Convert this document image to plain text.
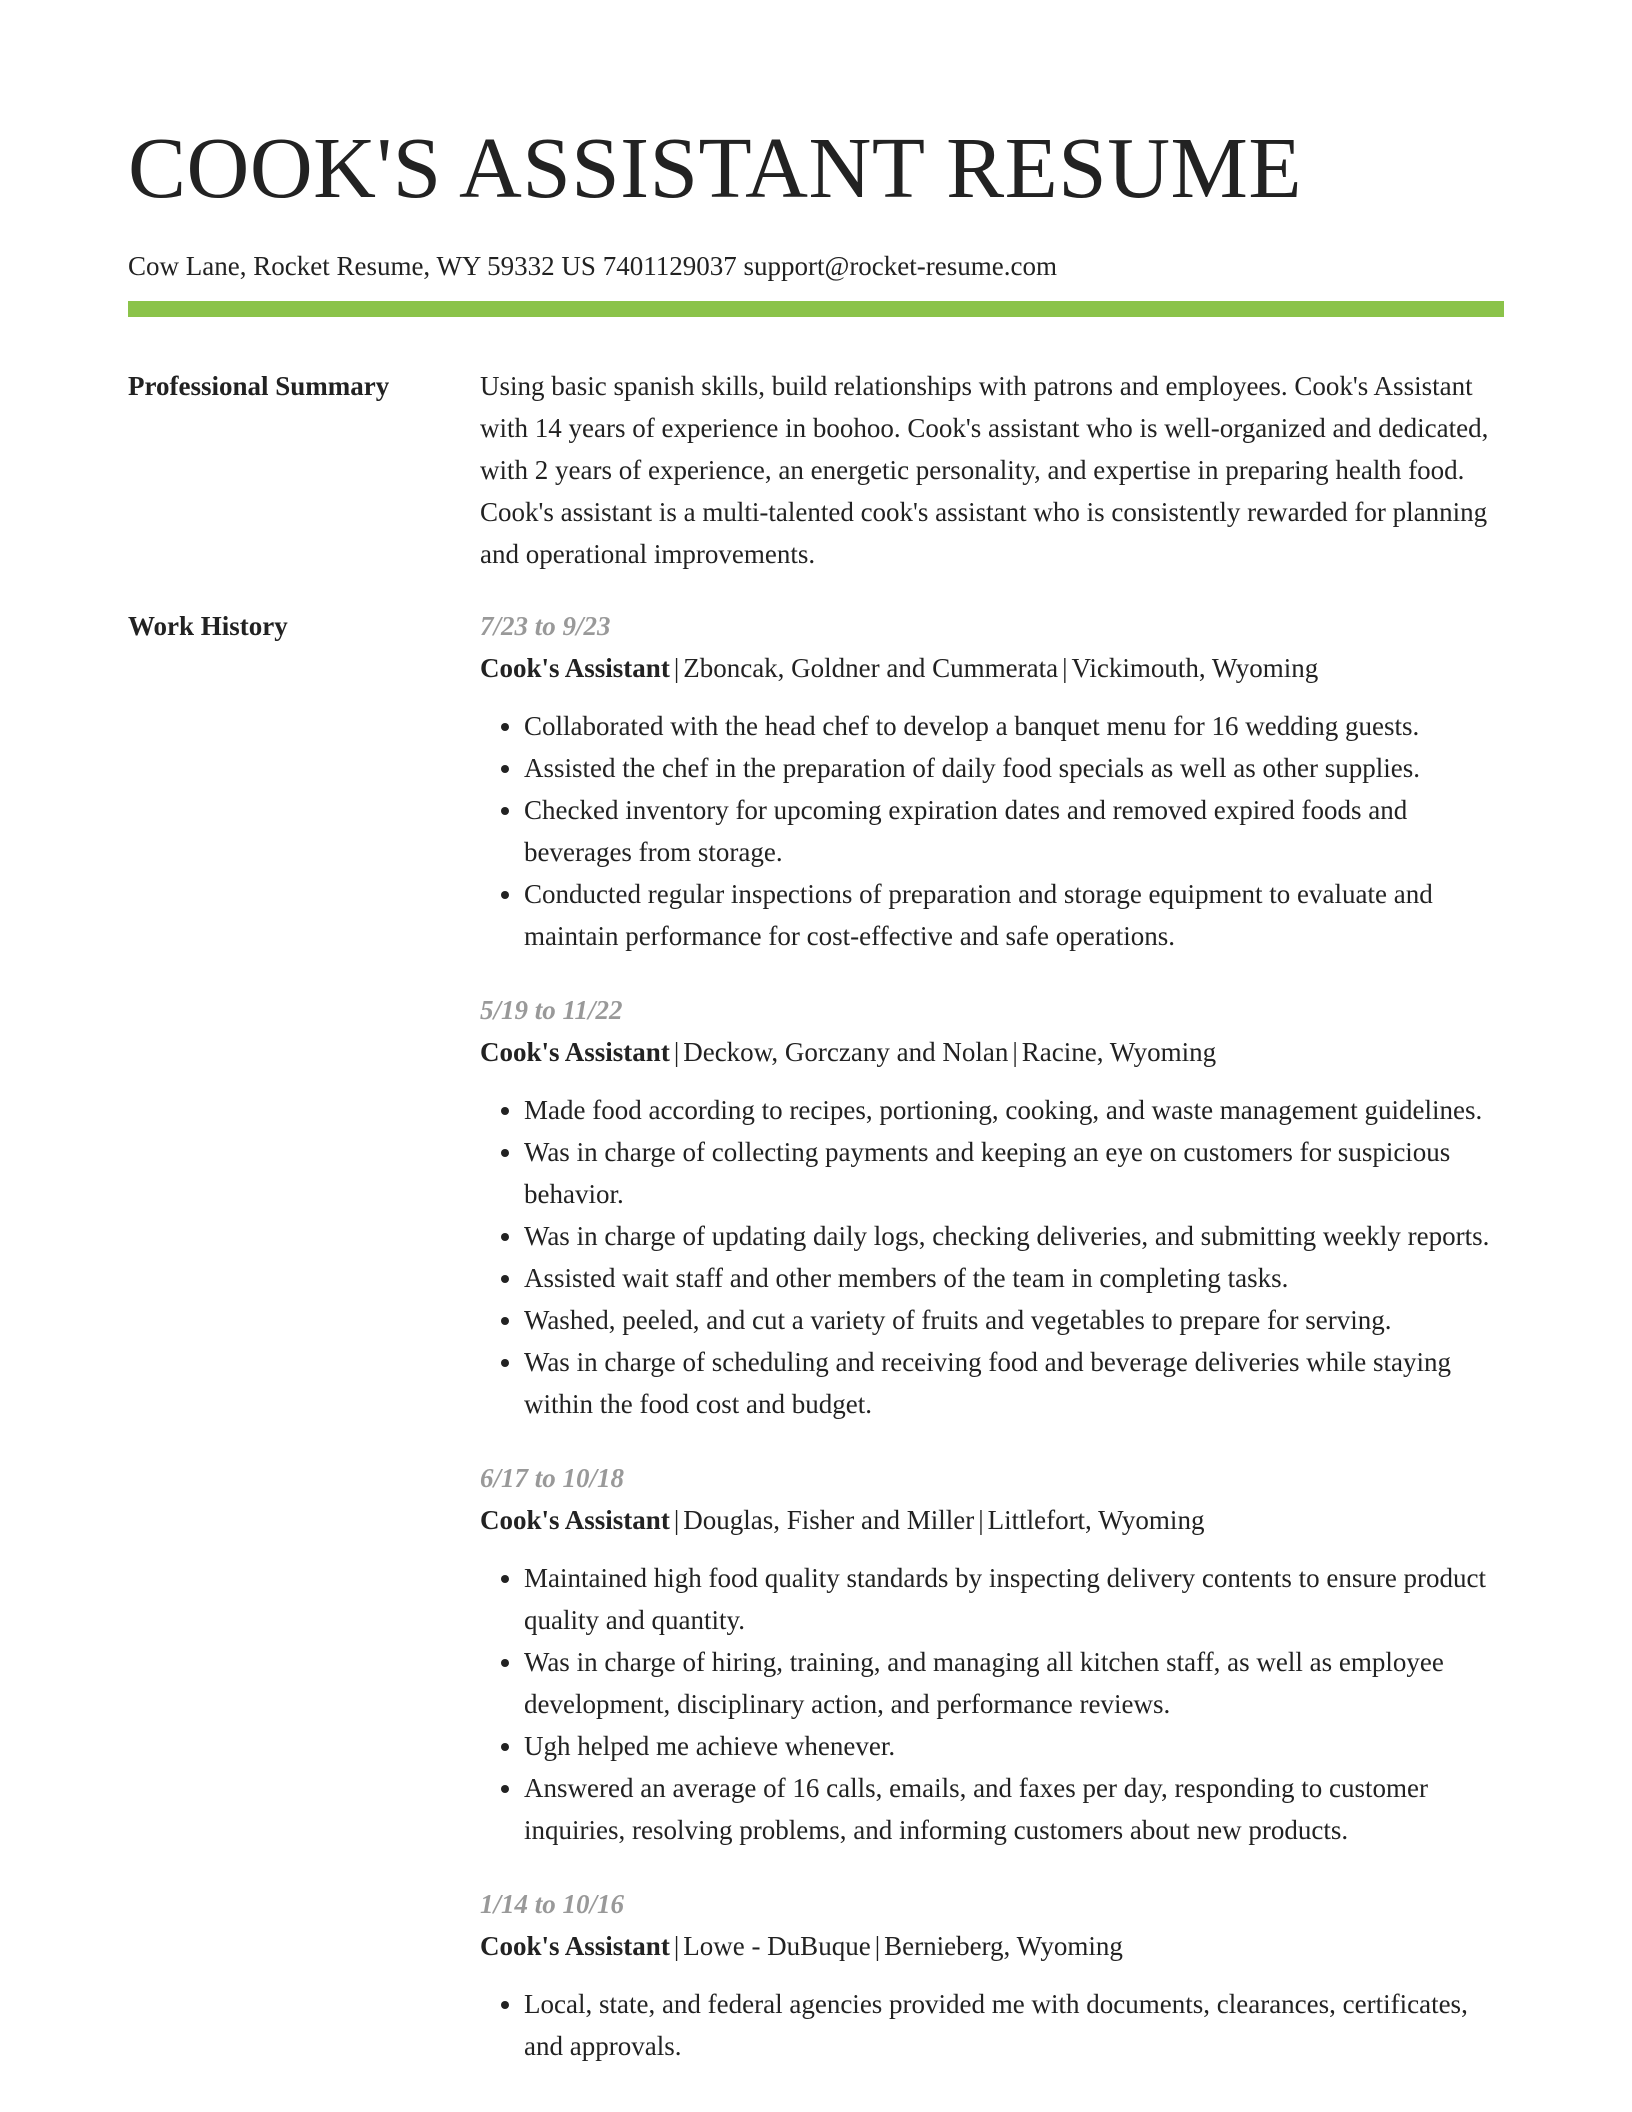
COOK'S ASSISTANT RESUME
Cow Lane, Rocket Resume, WY 59332 US 7401129037 support@rocket-resume.com
Professional Summary	Using basic spanish skills, build relationships with patrons and employees. Cook's Assistant with 14 years of experience in boohoo. Cook's assistant who is well-organized and dedicated, with 2 years of experience, an energetic personality, and expertise in preparing health food. Cook's assistant is a multi-talented cook's assistant who is consistently rewarded for planning and operational improvements.

Work History	7/23 to 9/23
Cook's Assistant | Zboncak, Goldner and Cummerata | Vickimouth, Wyoming
• Collaborated with the head chef to develop a banquet menu for 16 wedding guests.
• Assisted the chef in the preparation of daily food specials as well as other supplies.
• Checked inventory for upcoming expiration dates and removed expired foods and beverages from storage.
• Conducted regular inspections of preparation and storage equipment to evaluate and maintain performance for cost-effective and safe operations.
5/19 to 11/22
Cook's Assistant | Deckow, Gorczany and Nolan | Racine, Wyoming
• Made food according to recipes, portioning, cooking, and waste management guidelines.
• Was in charge of collecting payments and keeping an eye on customers for suspicious behavior.
• Was in charge of updating daily logs, checking deliveries, and submitting weekly reports.
• Assisted wait staff and other members of the team in completing tasks.
• Washed, peeled, and cut a variety of fruits and vegetables to prepare for serving.
• Was in charge of scheduling and receiving food and beverage deliveries while staying within the food cost and budget.
6/17 to 10/18
Cook's Assistant | Douglas, Fisher and Miller | Littlefort, Wyoming
• Maintained high food quality standards by inspecting delivery contents to ensure product quality and quantity.
• Was in charge of hiring, training, and managing all kitchen staff, as well as employee development, disciplinary action, and performance reviews.
• Ugh helped me achieve whenever.
• Answered an average of 16 calls, emails, and faxes per day, responding to customer inquiries, resolving problems, and informing customers about new products.
1/14 to 10/16
Cook's Assistant | Lowe - DuBuque | Bernieberg, Wyoming
• Local, state, and federal agencies provided me with documents, clearances, certificates, and approvals.
